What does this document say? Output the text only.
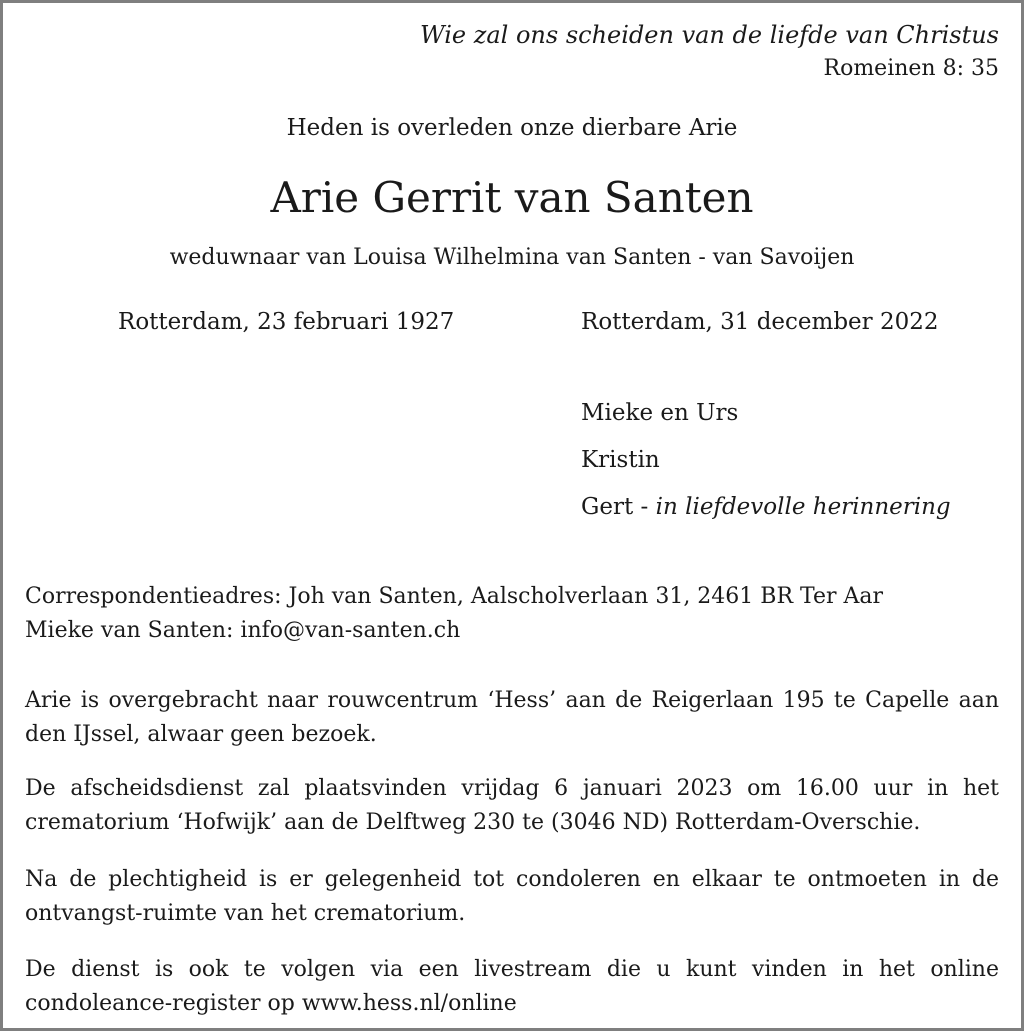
Wie zal ons scheiden van de liefde van Christus
Romeinen 8: 35
Heden is overleden onze dierbare Arie
Arie Gerrit van Santen
weduwnaar van Louisa Wilhelmina van Santen - van Savoijen
Rotterdam, 23 februari 1927	Rotterdam, 31 december 2022
Mieke en Urs
Kristin
Gert - in liefdevolle herinnering
Correspondentieadres: Joh van Santen, Aalscholverlaan 31, 2461 BR Ter Aar
Mieke van Santen: info@van-santen.ch
Arie is overgebracht naar rouwcentrum ‘Hess’ aan de Reigerlaan 195 te Capelle aan den IJssel, alwaar geen bezoek.
De afscheidsdienst zal plaatsvinden vrijdag 6 januari 2023 om 16.00 uur in het crematorium ‘Hofwijk’ aan de Delftweg 230 te (3046 ND) Rotterdam-Overschie.
Na de plechtigheid is er gelegenheid tot condoleren en elkaar te ontmoeten in de ontvangst-ruimte van het crematorium.
De dienst is ook te volgen via een livestream die u kunt vinden in het online condoleance-register op www.hess.nl/online
